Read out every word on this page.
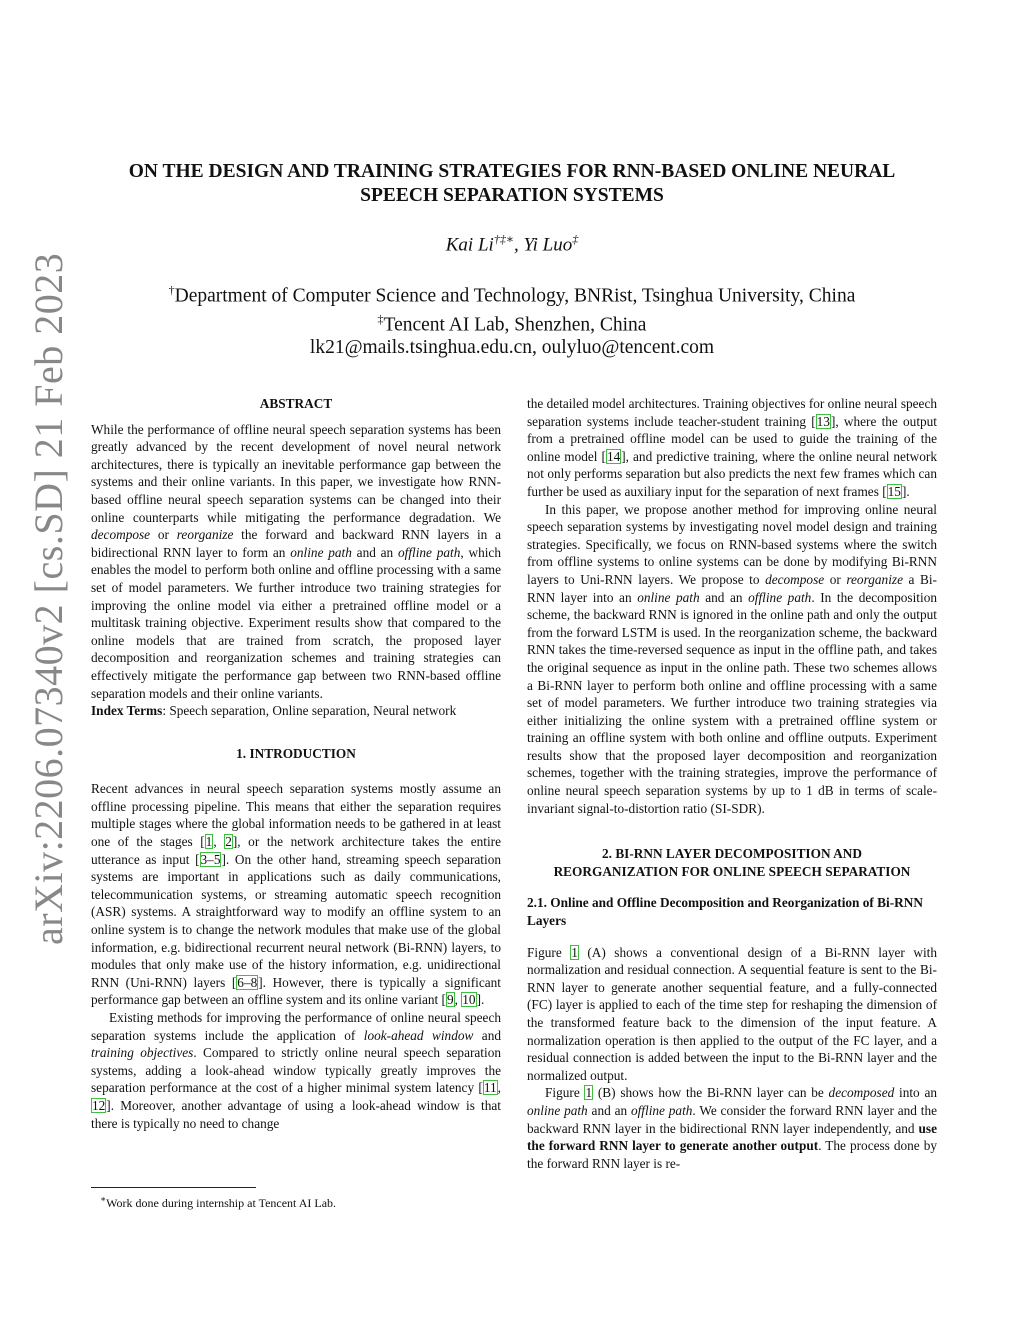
arXiv:2206.07340v2 [cs.SD] 21 Feb 2023
ON THE DESIGN AND TRAINING STRATEGIES FOR RNN-BASED ONLINE NEURAL
SPEECH SEPARATION SYSTEMS
Kai Li†‡∗, Yi Luo‡
†Department of Computer Science and Technology, BNRist, Tsinghua University, China
‡Tencent AI Lab, Shenzhen, China
lk21@mails.tsinghua.edu.cn, oulyluo@tencent.com
ABSTRACT

While the performance of offline neural speech separation systems has been greatly advanced by the recent development of novel neural network architectures, there is typically an inevitable performance gap between the systems and their online variants. In this paper, we investigate how RNN-based offline neural speech separation systems can be changed into their online counterparts while mitigating the performance degradation. We decompose or reorganize the forward and backward RNN layers in a bidirectional RNN layer to form an online path and an offline path, which enables the model to perform both online and offline processing with a same set of model parameters. We further introduce two training strategies for improving the online model via either a pretrained offline model or a multitask training objective. Experiment results show that compared to the online models that are trained from scratch, the proposed layer decomposition and reorganization schemes and training strategies can effectively mitigate the performance gap between two RNN-based offline separation models and their online variants.

Index Terms: Speech separation, Online separation, Neural network

1. INTRODUCTION

Recent advances in neural speech separation systems mostly assume an offline processing pipeline. This means that either the separation requires multiple stages where the global information needs to be gathered in at least one of the stages [1, 2], or the network architecture takes the entire utterance as input [3–5]. On the other hand, streaming speech separation systems are important in applications such as daily communications, telecommunication systems, or streaming automatic speech recognition (ASR) systems. A straightforward way to modify an offline system to an online system is to change the network modules that make use of the global information, e.g. bidirectional recurrent neural network (Bi-RNN) layers, to modules that only make use of the history information, e.g. unidirectional RNN (Uni-RNN) layers [6–8]. However, there is typically a significant performance gap between an offline system and its online variant [9, 10].

Existing methods for improving the performance of online neural speech separation systems include the application of look-ahead window and training objectives. Compared to strictly online neural speech separation systems, adding a look-ahead window typically greatly improves the separation performance at the cost of a higher minimal system latency [11, 12]. Moreover, another advantage of using a look-ahead window is that there is typically no need to change

the detailed model architectures. Training objectives for online neural speech separation systems include teacher-student training [13], where the output from a pretrained offline model can be used to guide the training of the online model [14], and predictive training, where the online neural network not only performs separation but also predicts the next few frames which can further be used as auxiliary input for the separation of next frames [15].

In this paper, we propose another method for improving online neural speech separation systems by investigating novel model design and training strategies. Specifically, we focus on RNN-based systems where the switch from offline systems to online systems can be done by modifying Bi-RNN layers to Uni-RNN layers. We propose to decompose or reorganize a Bi-RNN layer into an online path and an offline path. In the decomposition scheme, the backward RNN is ignored in the online path and only the output from the forward LSTM is used. In the reorganization scheme, the backward RNN takes the time-reversed sequence as input in the offline path, and takes the original sequence as input in the online path. These two schemes allows a Bi-RNN layer to perform both online and offline processing with a same set of model parameters. We further introduce two training strategies via either initializing the online system with a pretrained offline system or training an offline system with both online and offline outputs. Experiment results show that the proposed layer decomposition and reorganization schemes, together with the training strategies, improve the performance of online neural speech separation systems by up to 1 dB in terms of scale-invariant signal-to-distortion ratio (SI-SDR).

2. BI-RNN LAYER DECOMPOSITION AND
REORGANIZATION FOR ONLINE SPEECH SEPARATION

2.1. Online and Offline Decomposition and Reorganization of Bi-RNN Layers

Figure 1 (A) shows a conventional design of a Bi-RNN layer with normalization and residual connection. A sequential feature is sent to the Bi-RNN layer to generate another sequential feature, and a fully-connected (FC) layer is applied to each of the time step for reshaping the dimension of the transformed feature back to the dimension of the input feature. A normalization operation is then applied to the output of the FC layer, and a residual connection is added between the input to the Bi-RNN layer and the normalized output.

Figure 1 (B) shows how the Bi-RNN layer can be decomposed into an online path and an offline path. We consider the forward RNN layer and the backward RNN layer in the bidirectional RNN layer independently, and use the forward RNN layer to generate another output. The process done by the forward RNN layer is re-

∗Work done during internship at Tencent AI Lab.
